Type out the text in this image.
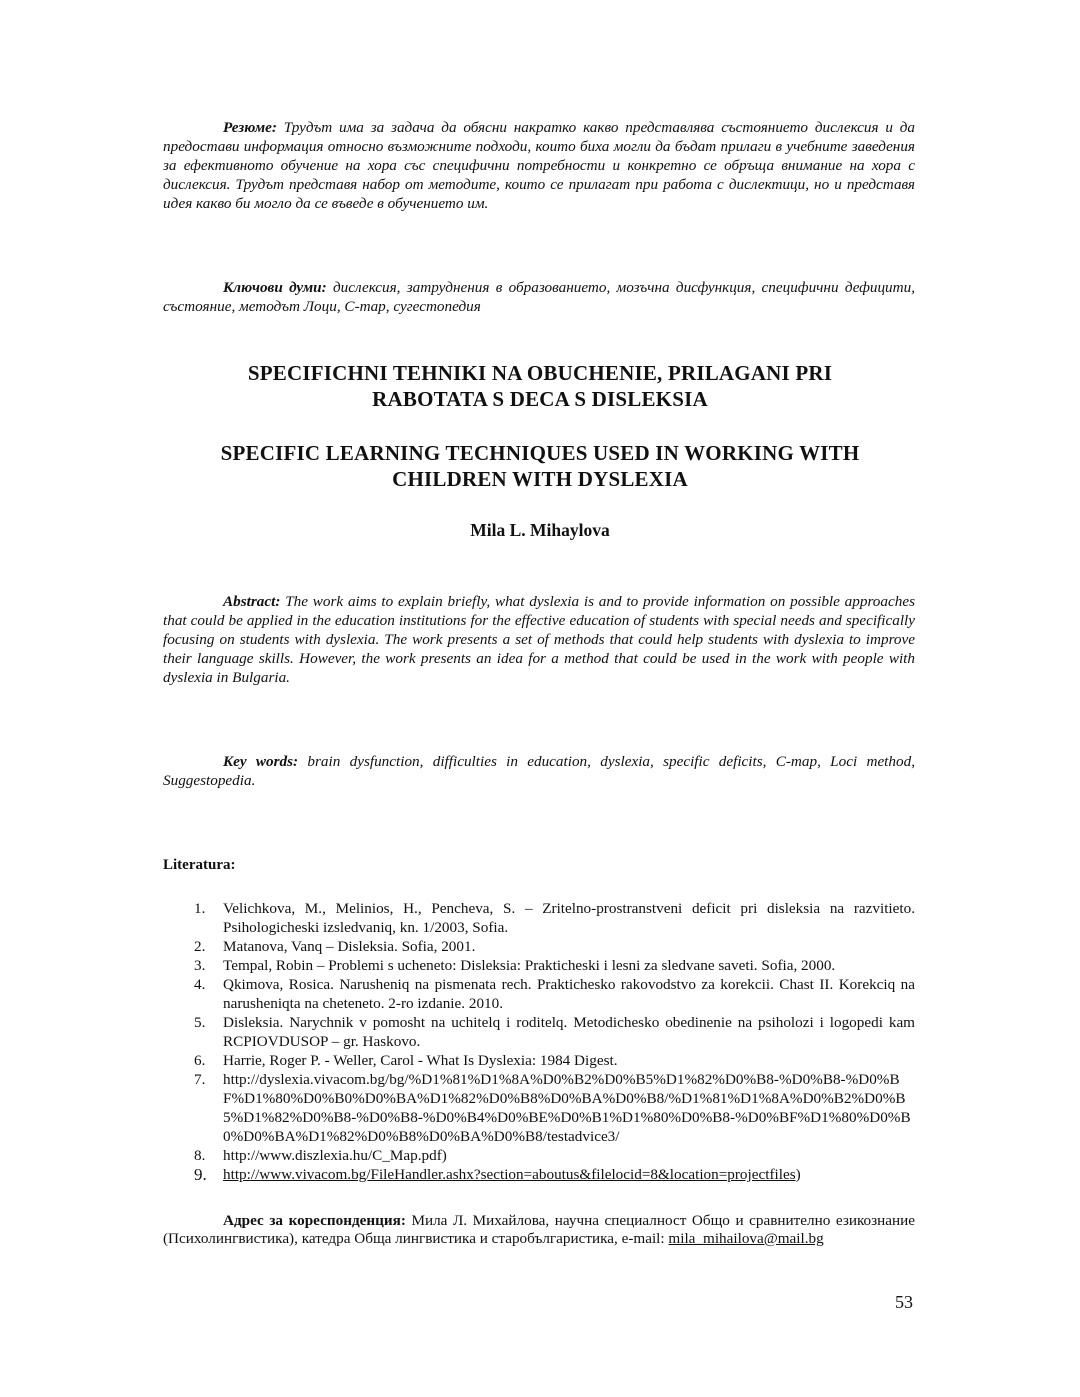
Резюме: Трудът има за задача да обясни накратко какво представлява състоянието дислексия и да предостави информация относно възможните подходи, които биха могли да бъдат прилаги в учебните заведения за ефективното обучение на хора със специфични потребности и конкретно се обръща внимание на хора с дислексия. Трудът представя набор от методите, които се прилагат при работа с дислектици, но и представя идея какво би могло да се въведе в обучението им.

Ключови думи: дислексия, затруднения в образованието, мозъчна дисфункция, специфични дефицити, състояние, методът Лоци, C-map, сугестопедия

SPECIFICHNI TEHNIKI NA OBUCHENIE, PRILAGANI PRI
RABOTATA S DECA S DISLEKSIA
SPECIFIC LEARNING TECHNIQUES USED IN WORKING WITH
CHILDREN WITH DYSLEXIA
Mila L. Mihaylova

Abstract: The work aims to explain briefly, what dyslexia is and to provide information on possible approaches that could be applied in the education institutions for the effective education of students with special needs and specifically focusing on students with dyslexia. The work presents a set of methods that could help students with dyslexia to improve their language skills. However, the work presents an idea for a method that could be used in the work with people with dyslexia in Bulgaria.

Key words: brain dysfunction, difficulties in education, dyslexia, specific deficits, C-map, Loci method, Suggestopedia.

Literatura:
1. Velichkova, M., Melinios, H., Pencheva, S. – Zritelno-prostranstveni deficit pri disleksia na razvitieto. Psihologicheski izsledvaniq, kn. 1/2003, Sofia.
2. Matanova, Vanq – Disleksia. Sofia, 2001.
3. Tempal, Robin – Problemi s ucheneto: Disleksia: Prakticheski i lesni za sledvane saveti. Sofia, 2000.
4. Qkimova, Rosica. Narusheniq na pismenata rech. Prakticheskо rakovodstvo za korekcii. Chast II. Korekciq na narusheniqta na cheteneto. 2-ro izdanie. 2010.
5. Disleksia. Narychnik v pomosht na uchitelq i roditelq. Metodichesko obedinenie na psiholozi i logopedi kam RCPIOVDUSOP – gr. Haskovo.
6. Harrie, Roger P. - Weller, Carol - What Is Dyslexia: 1984 Digest.
7. http://dyslexia.vivacom.bg/bg/%D1%81%D1%8A%D0%B2%D0%B5%D1%82%D0%B8-%D0%B8-%D0%BF%D1%80%D0%B0%D0%BA%D1%82%D0%B8%D0%BA%D0%B8/%D1%81%D1%8A%D0%B2%D0%B5%D1%82%D0%B8-%D0%B8-%D0%B4%D0%BE%D0%B1%D1%80%D0%B8-%D0%BF%D1%80%D0%B0%D0%BA%D1%82%D0%B8%D0%BA%D0%B8/testadvice3/
8. http://www.diszlexia.hu/C_Map.pdf)
9. http://www.vivacom.bg/FileHandler.ashx?section=aboutus&filelocid=8&location=projectfiles)

Адрес за кореспонденция: Мила Л. Михайлова, научна специалност Общо и сравнително езикознание (Психолингвистика), катедра Обща лингвистика и старобългаристика, e-mail: mila_mihailova@mail.bg

53
